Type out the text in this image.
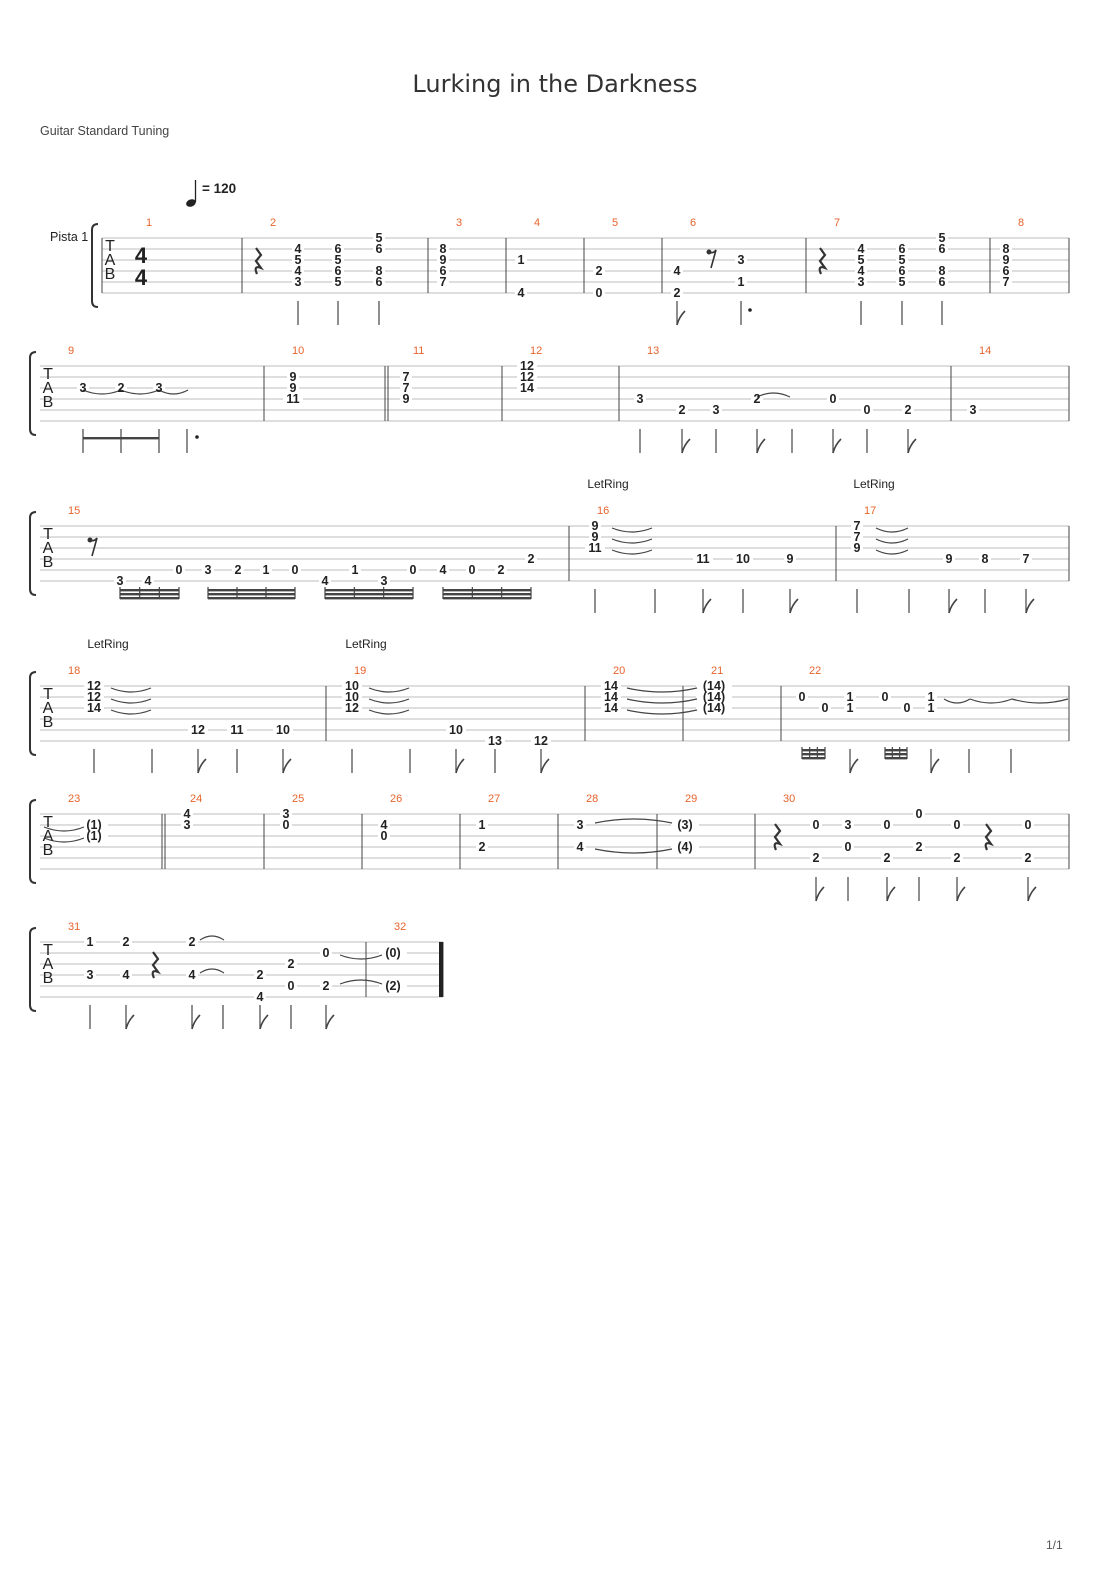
Lurking in the Darkness
Guitar Standard Tuning
T
A
B
1	2
4
5
4
3
6
5
6
5
5
6
8
6
3
8
9
6
7
4
1
4
5
2
0
6
4
2
3
1
7
4
5
4
3
6
5
6
5
5
6
8
6
8
8
9
6
7
T
A
B
9
3 2 3
10
9
9
11
11
7
7
9
12
12
12
14
13
3
2 3
2	0
0	2
14
3
T
A
B
15
3 4
0 3 2 1 0
4
1
3
0 4 0 2
2
16
9
9
11
11 10	9
17
7
7
9
9 8	7
LetRing	LetRing
T
A
B
18
12
12
14
12 11	10
19
10
10
12
10
13	12
20
14
14
14
21
(14)
(14)
(14)
22
0
0
1
1
0
0
1
1
LetRing	LetRing
T
A
B
23
(1)
(1)
24
4
3
25
3
0
26
4
0
27
1
2
28
3
4
29
(3)
(4)
30
0
2
3
0
0
2
0
2
0
2
0
2
T
A
B
31
1
3
2
4
2
4	2
4
2
0
0
2
32
(0)
(2)
4
4
Pista 1
= 120
1/1
